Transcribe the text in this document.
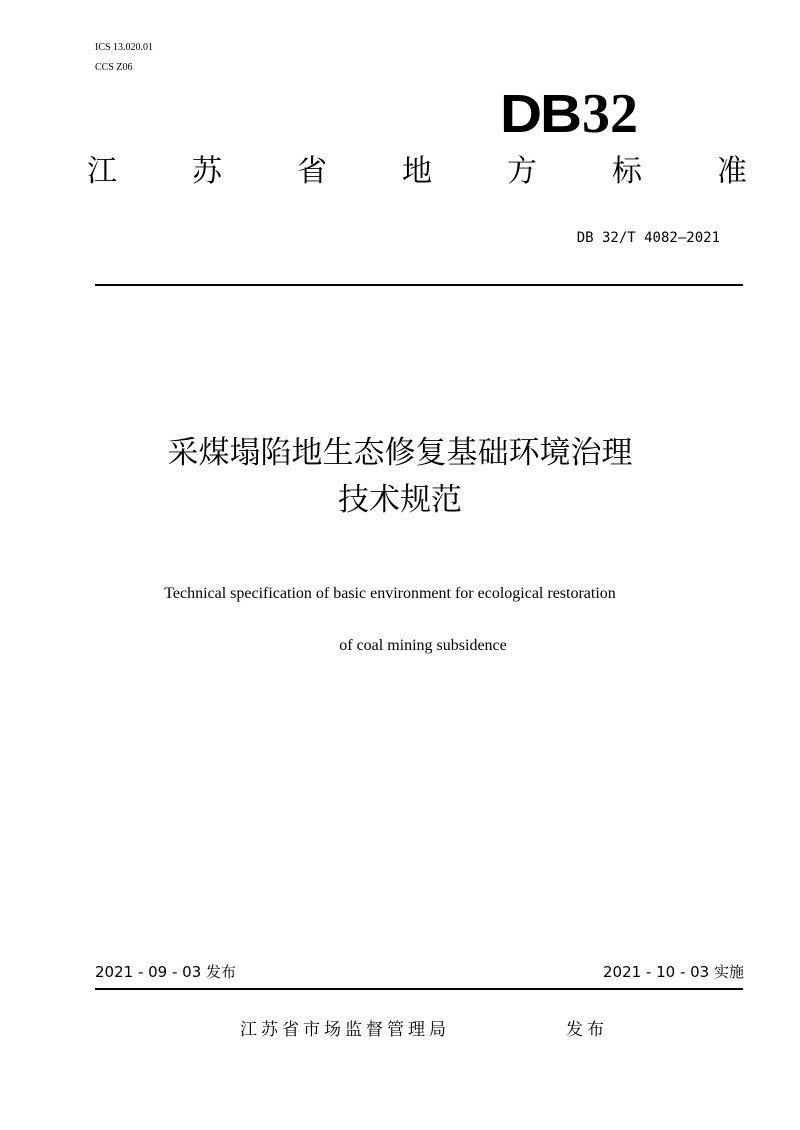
ICS 13.020.01
CCS Z06
DB 32
江	苏	省	地	方	标	准
DB 32/T 4082—2021
采煤塌陷地生态修复基础环境治理
技术规范
Technical specification of basic environment for ecological restoration
of coal mining subsidence
2021 - 09 - 03 发布	2021 - 10 - 03 实施
江苏省市场监督管理局	发布
